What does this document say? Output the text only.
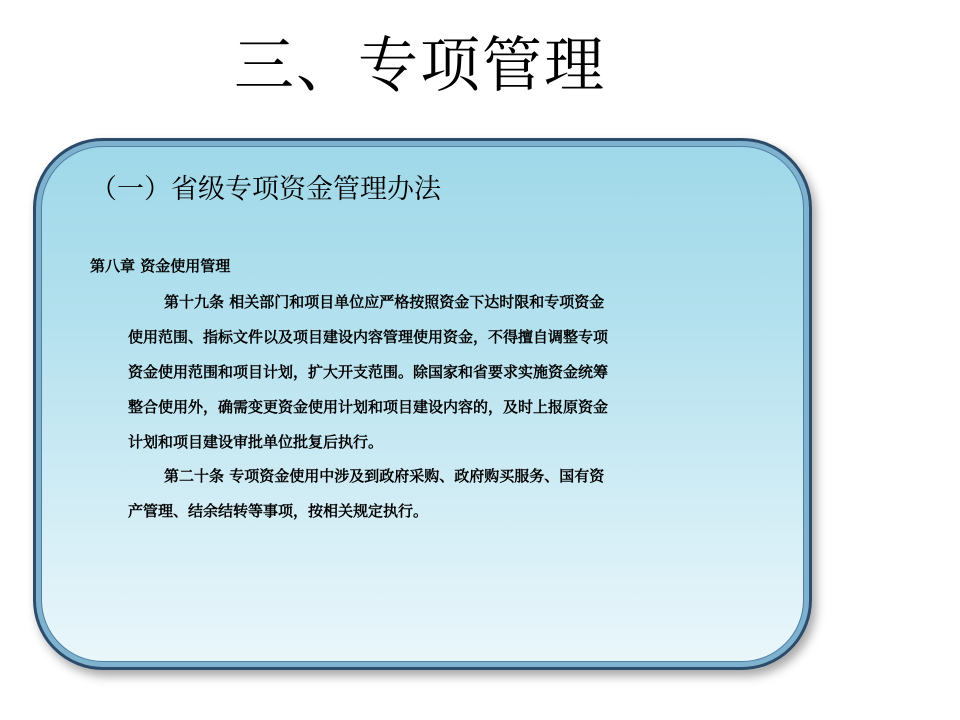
三、专项管理
（一）省级专项资金管理办法
第八章 资金使用管理

第十九条 相关部门和项目单位应严格按照资金下达时限和专项资金
使用范围、指标文件以及项目建设内容管理使用资金，不得擅自调整专项
资金使用范围和项目计划，扩大开支范围。除国家和省要求实施资金统筹
整合使用外，确需变更资金使用计划和项目建设内容的，及时上报原资金
计划和项目建设审批单位批复后执行。

第二十条 专项资金使用中涉及到政府采购、政府购买服务、国有资
产管理、结余结转等事项，按相关规定执行。
